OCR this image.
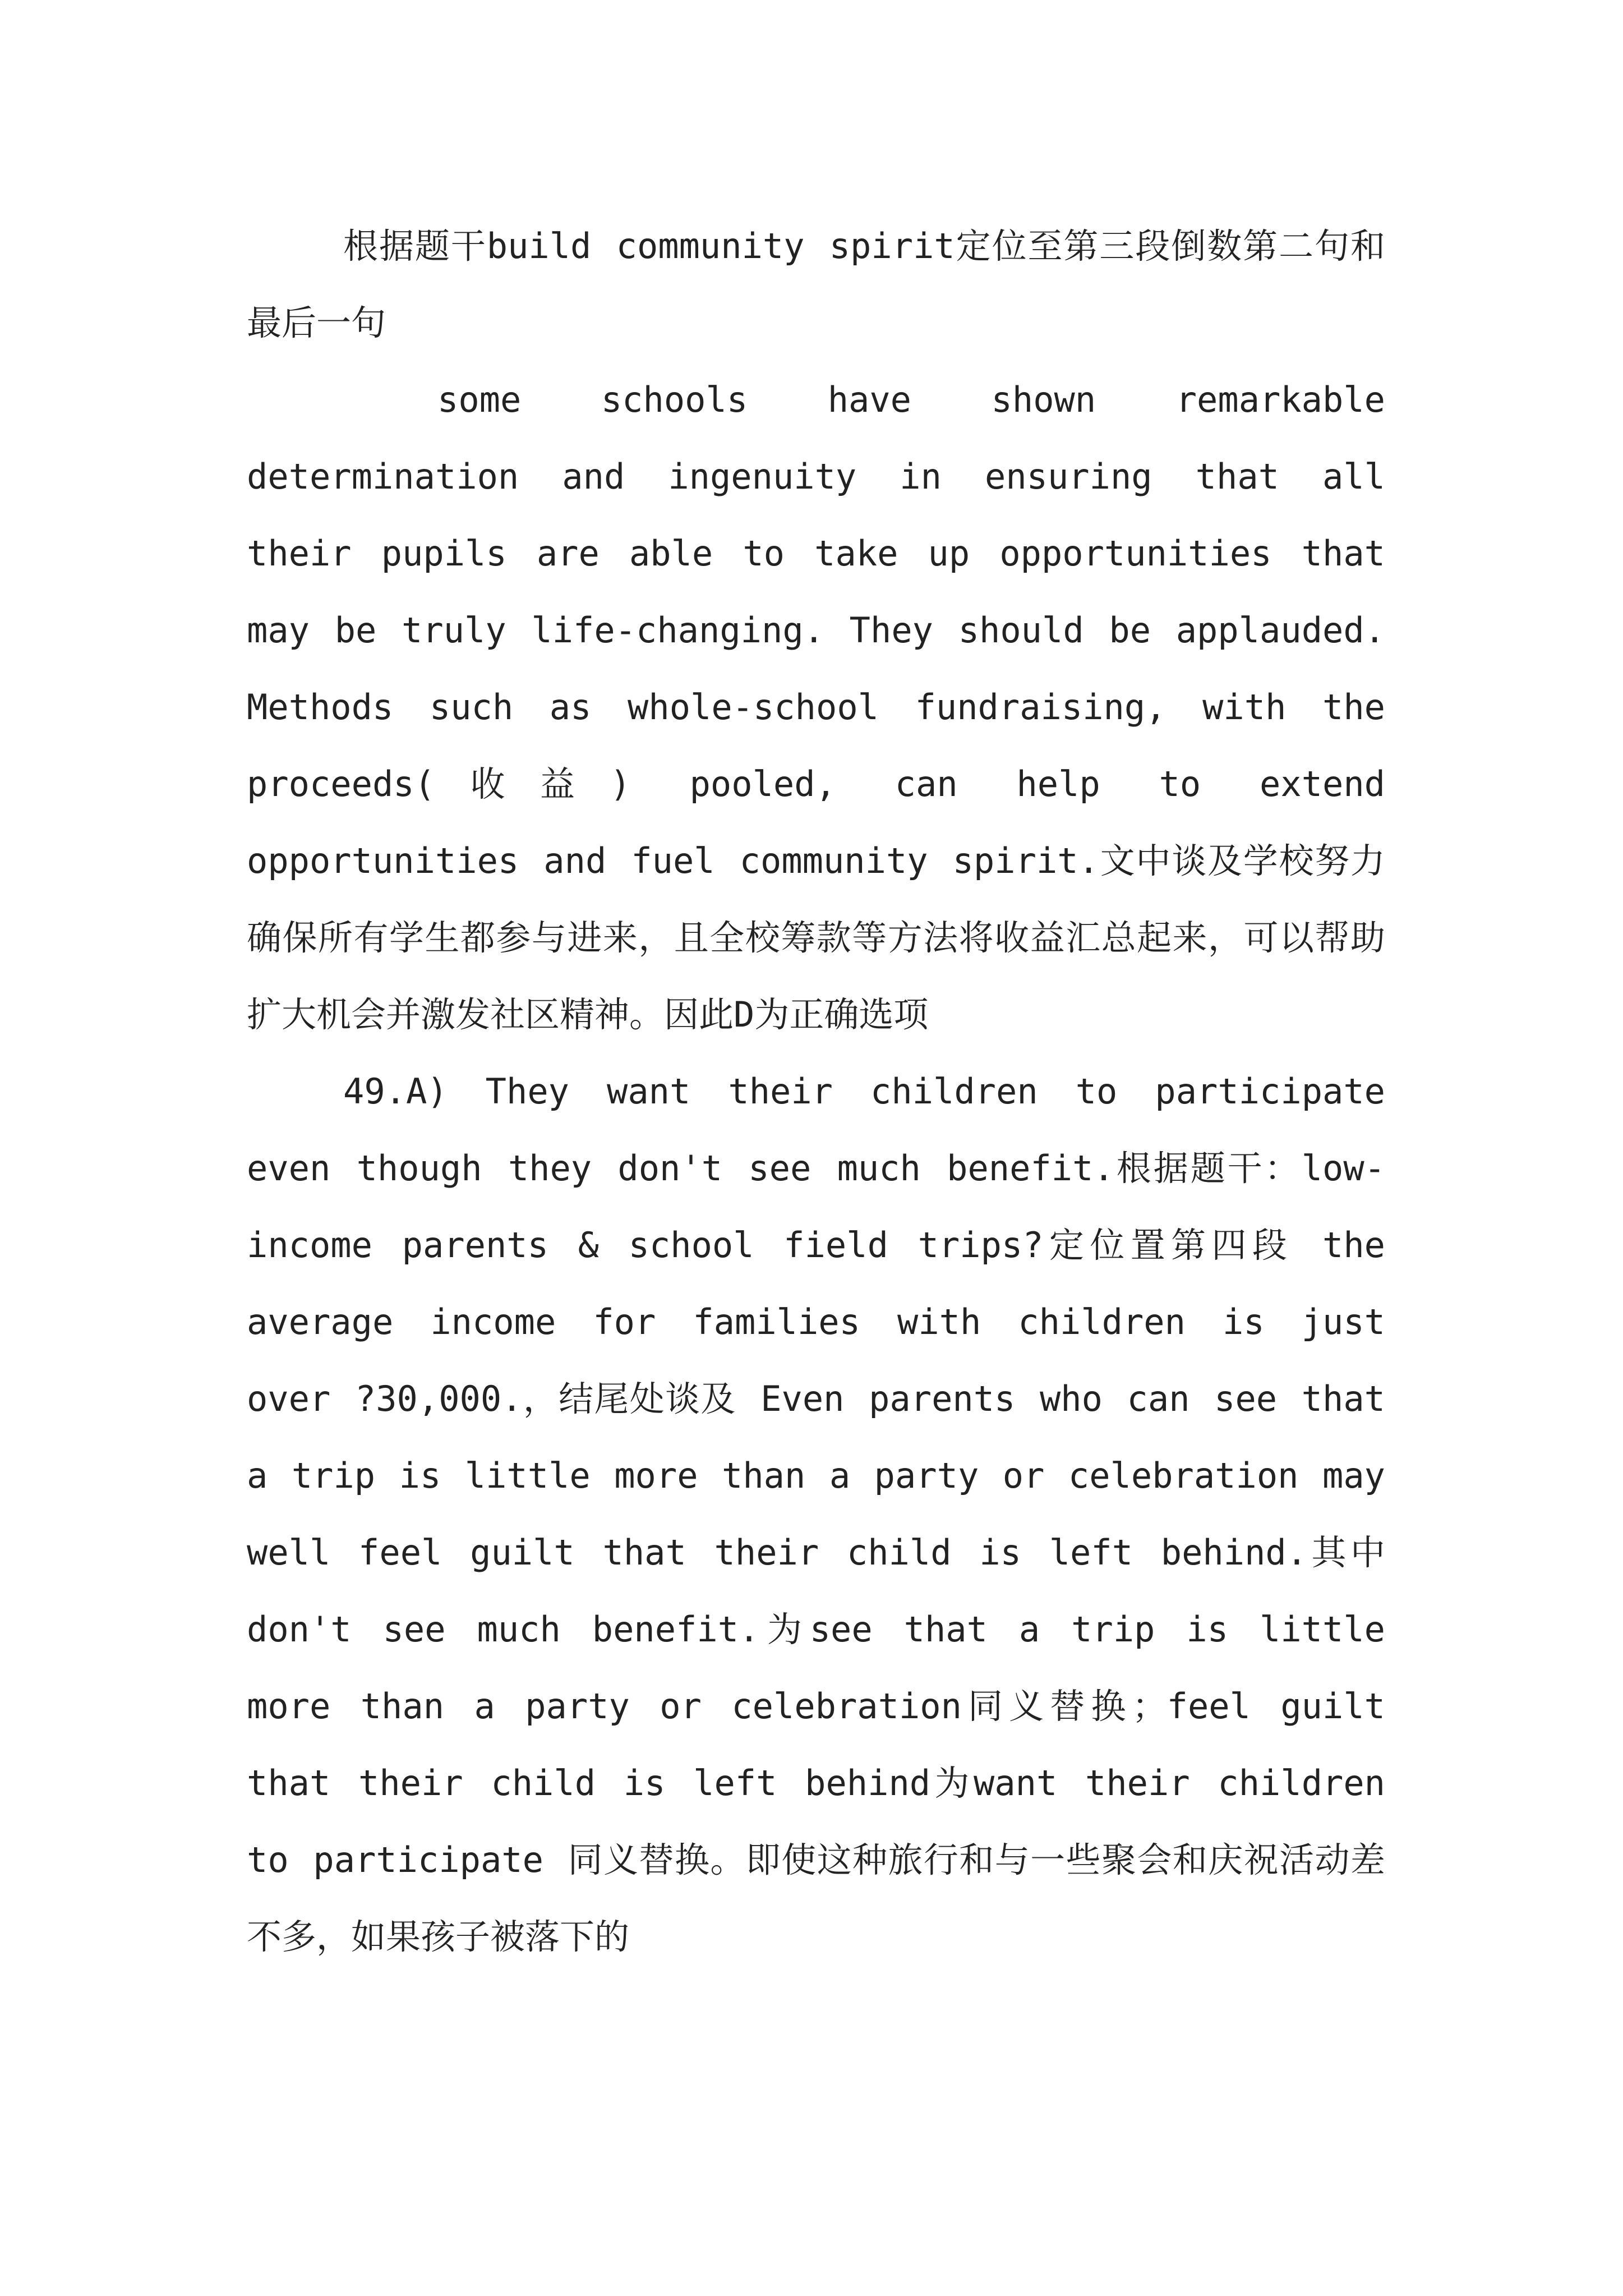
根据题干build community spirit定位至第三段倒数第二句和最后一句

some schools have shown remarkable determination and ingenuity in ensuring that all their pupils are able to take up opportunities that may be truly life-changing. They should be applauded. Methods such as whole-school fundraising, with the proceeds(收益) pooled, can help to extend opportunities and fuel community spirit.文中谈及学校努力确保所有学生都参与进来，且全校筹款等方法将收益汇总起来，可以帮助扩大机会并激发社区精神。因此D为正确选项

49.A) They want their children to participate even though they don't see much benefit.根据题干：low-income parents & school field trips?定位置第四段 the average income for families with children is just over ?30,000.，结尾处谈及 Even parents who can see that a trip is little more than a party or celebration may well feel guilt that their child is left behind.其中don't see much benefit.为see that a trip is little more than a party or celebration同义替换；feel guilt that their child is left behind为want their children to participate 同义替换。即使这种旅行和与一些聚会和庆祝活动差不多，如果孩子被落下的
